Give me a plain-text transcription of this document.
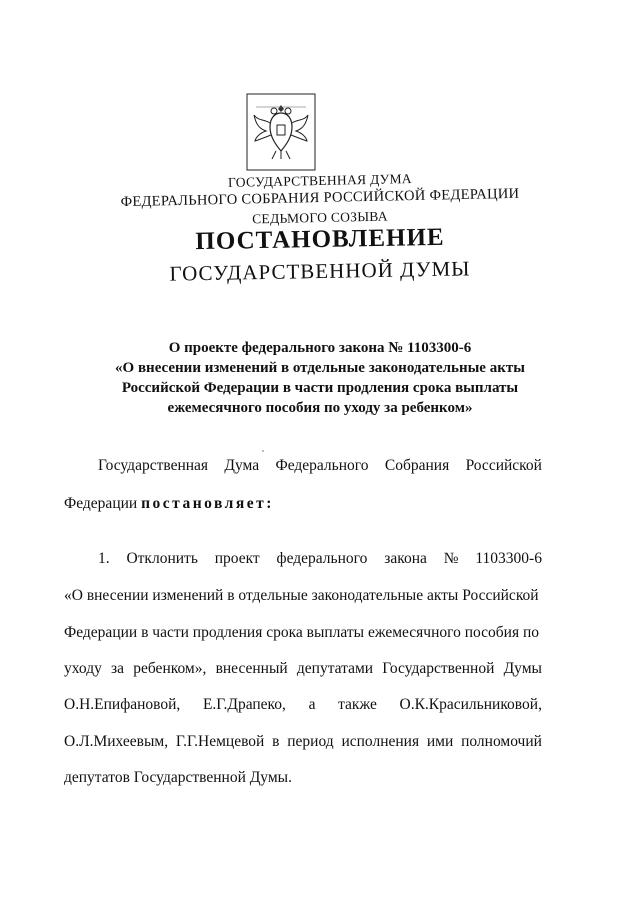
ГОСУДАРСТВЕННАЯ ДУМА
ФЕДЕРАЛЬНОГО СОБРАНИЯ РОССИЙСКОЙ ФЕДЕРАЦИИ
СЕДЬМОГО СОЗЫВА
ПОСТАНОВЛЕНИЕ
ГОСУДАРСТВЕННОЙ ДУМЫ
О проекте федерального закона № 1103300-6
«О внесении изменений в отдельные законодательные акты
Российской Федерации в части продления срока выплаты
ежемесячного пособия по уходу за ребенком»
Государственная Дума Федерального Собрания Российской
Федерации постановляет:
1. Отклонить проект федерального закона № 1103300-6
«О внесении изменений в отдельные законодательные акты Российской
Федерации в части продления срока выплаты ежемесячного пособия по
уходу за ребенком», внесенный депутатами Государственной Думы
О.Н.Епифановой, Е.Г.Драпеко, а также О.К.Красильниковой,
О.Л.Михеевым, Г.Г.Немцевой в период исполнения ими полномочий
депутатов Государственной Думы.
